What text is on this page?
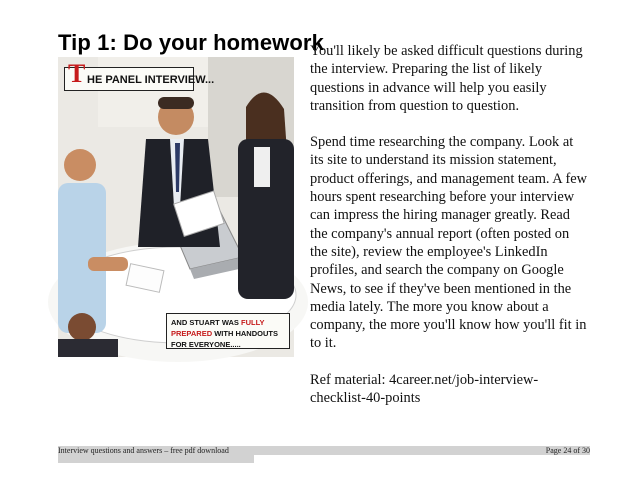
Tip 1: Do your homework
T HE PANEL INTERVIEW...
AND STUART WAS FULLY PREPARED WITH HANDOUTS FOR EVERYONE.....

You'll likely be asked difficult questions during the interview. Preparing the list of likely questions in advance will help you easily transition from question to question.

Spend time researching the company. Look at its site to understand its mission statement, product offerings, and management team. A few hours spent researching before your interview can impress the hiring manager greatly. Read the company's annual report (often posted on the site), review the employee's LinkedIn profiles, and search the company on Google News, to see if they've been mentioned in the media lately. The more you know about a company, the more you'll know how you'll fit in to it.

Ref material: 4career.net/job-interview-checklist-40-points

Interview questions and answers – free pdf download	Page 24 of 30
